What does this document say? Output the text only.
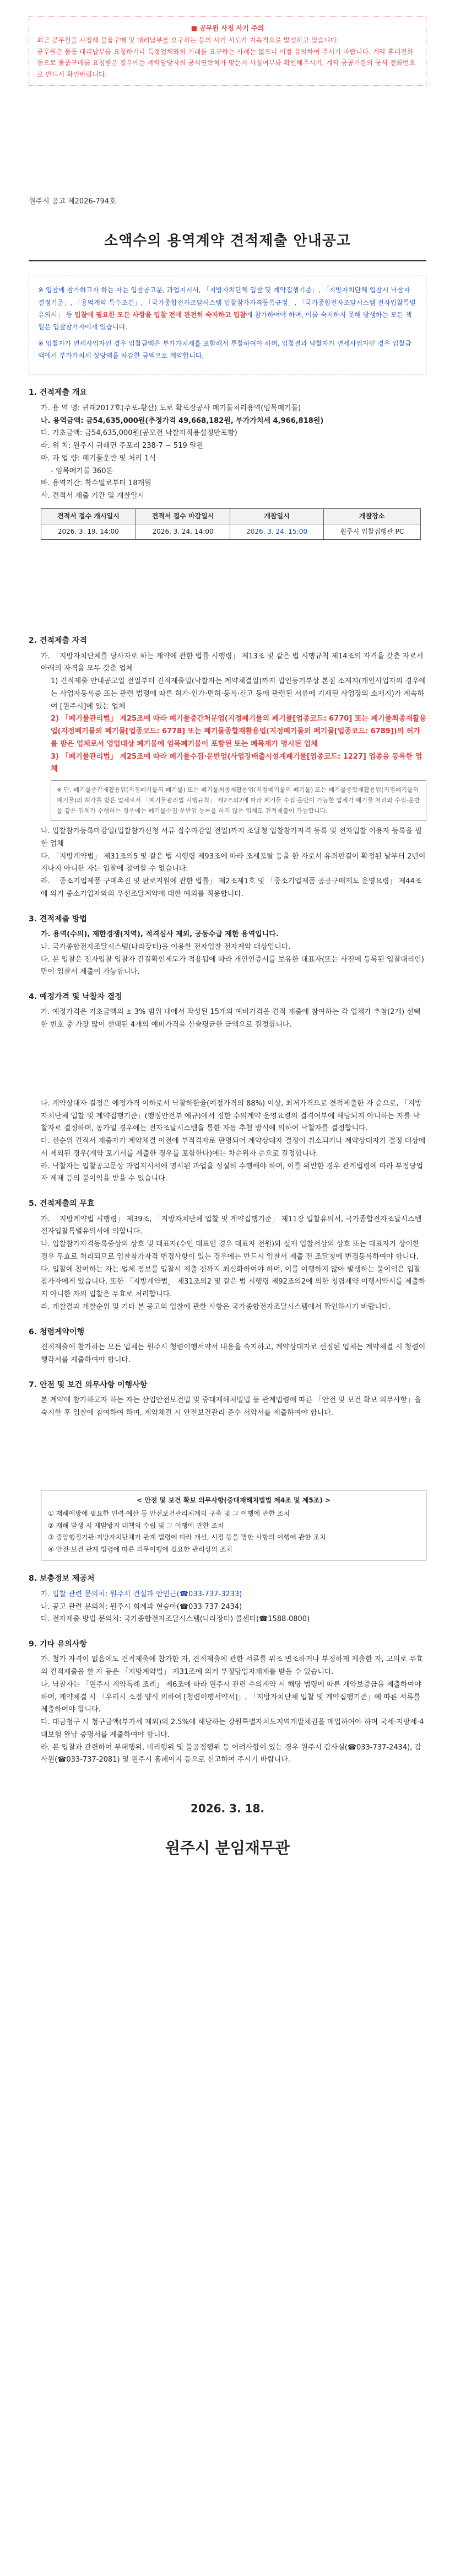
■ 공무원 사칭 사기 주의
최근 공무원을 사칭해 물품구매 및 대리납부를 요구하는 등의 사기 시도가 지속적으로 발생하고 있습니다.
공무원은 물품 대리납부를 요청하거나 특정업체와의 거래를 요구하는 사례는 없으니 이점 유의하여 주시기 바랍니다. 계약 휴대전화 등으로 물품구매를 요청받은 경우에는 계약담당자의 공식연락처가 맞는지 사실여부를 확인해주시기, 계약 공공기관의 공식 전화번호로 반드시 확인바랍니다.
원주시 공고 제2026-794호
소액수의 용역계약 견적제출 안내공고

※ 입찰에 참가하고자 하는 자는 입찰공고문, 과업지시서, 「지방자치단체 입찰 및 계약집행기준」, 「지방자치단체 입찰시 낙찰자 결정기준」, 「용역계약 특수조건」, 「국가종합전자조달시스템 입찰참가자격등록규정」, 「국가종합전자조달시스템 전자입찰특별유의서」 등 입찰에 필요한 모든 사항을 입찰 전에 완전히 숙지하고 입찰에 참가하여야 하며, 이를 숙지하지 못해 발생하는 모든 책임은 입찰참가자에게 있습니다.

※ 입찰자가 면세사업자인 경우 입찰금액은 부가가치세를 포함해서 투찰하여야 하며, 입찰결과 낙찰자가 면세사업자인 경우 입찰금액에서 부가가치세 상당액을 차감한 금액으로 계약합니다.

1. 견적제출 개요
가. 용 역 명: 귀래2017호(주포-황산) 도로 확포장공사 폐기물처리용역(임목폐기물)
나. 용역금액: 금54,635,000원(추정가격 49,668,182원, 부가가치세 4,966,818원)
다. 기초금액: 금54,635,000원(공모전 낙찰자적용설정만포함)
라. 위 치: 원주시 귀래면 주포리 238-7 ~ 519 일원
마. 과 업 량: 폐기물운반 및 처리 1식
- 임목폐기물 360톤
바. 용역기간: 착수일로부터 18개월
사. 견적서 제출 기간 및 개찰일시
견적서 접수 개시일시	견적서 접수 마감일시	개찰일시	개찰장소
2026. 3. 19. 14:00	2026. 3. 24. 14:00	2026. 3. 24. 15:00	원주시 입찰집행관 PC
2. 견적제출 자격
가. 「지방자치단체를 당사자로 하는 계약에 관한 법률 시행령」 제13조 및 같은 법 시행규칙 제14조의 자격을 갖춘 자로서 아래의 자격을 모두 갖춘 업체
1) 견적제출 안내공고일 전일부터 견적제출일(낙찰자는 계약체결일)까지 법인등기부상 본점 소재지(개인사업자의 경우에는 사업자등록증 또는 관련 법령에 따른 허가·인가·면허·등록·신고 등에 관련된 서류에 기재된 사업장의 소재지)가 계속하여 [원주시]에 있는 업체
2) 「폐기물관리법」 제25조에 따라 폐기물중간처분업(지정폐기물외 폐기물[업종코드: 6770] 또는 폐기물최종재활용업(지정폐기물외 폐기물[업종코드: 6778] 또는 폐기물종합재활용업(지정폐기물외 폐기물[업종코드: 6789])의 허가를 받은 업체로서 영업대상 폐기물에 임목폐기물이 포함된 또는 폐목재가 명시된 업체
3) 「폐기물관리법」 제25조에 따라 폐기물수집·운반업(사업장배출시설계폐기물[업종코드: 1227] 업종을 등록한 업체
※ 단, 폐기물중간재활용업(지정폐기물외 폐기물) 또는 폐기물최종재활용업(지정폐기물외 폐기물) 또는 폐기물종합재활용업(지정폐기물외 폐기물)의 허가를 받은 업체로서 「폐기물관리법 시행규칙」 제2조의2에 따라 폐기물 수집·운반이 가능한 업체가 폐기물 처리와 수집·운반을 같은 업체가 수행하는 경우에는 폐기물수집·운반업 등록을 하지 않은 업체도 견적제출이 가능합니다.
나. 입찰참가등록마감일(입찰참가신청 서류 접수마감일 전일)까지 조달청 입찰참가자격 등록 및 전자입찰 이용자 등록을 필한 업체
다. 「지방계약법」 제31조의5 및 같은 법 시행령 제93조에 따라 조세포탈 등을 한 자로서 유죄판결이 확정된 날부터 2년이 지나지 아니한 자는 입찰에 참여할 수 없습니다.
라. 「중소기업제품 구매촉진 및 판로지원에 관한 법률」 제2조제1호 및 「중소기업제품 공공구매제도 운영요령」 제44조에 의거 중소기업자와의 우선조달계약에 대한 예외를 적용합니다.
3. 견적제출 방법
가. 용역(수의), 제한경쟁(지역), 적격심사 제외, 공동수급 제한 용역입니다.
나. 국가종합전자조달시스템(나라장터)을 이용한 전자입찰 전자계약 대상입니다.
다. 본 입찰은 전자입찰 입찰자 간결확인제도가 적용됨에 따라 개인인증서를 보유한 대표자(또는 사전에 등록된 입찰대리인)만이 입찰서 제출이 가능합니다.
4. 예정가격 및 낙찰자 결정
가. 예정가격은 기초금액의 ± 3% 범위 내에서 작성된 15개의 예비가격을 견적 제출에 참여하는 각 업체가 추첨(2개) 선택한 번호 중 가장 많이 선택된 4개의 예비가격을 산술평균한 금액으로 결정합니다.
나. 계약상대자 결정은 예정가격 이하로서 낙찰하한율(예정가격의 88%) 이상, 최저가격으로 견적제출한 자 순으로, 「지방자치단체 입찰 및 계약집행기준」(행정안전부 예규)에서 정한 수의계약 운영요령의 결격여부에 해당되지 아니하는 자를 낙찰자로 결정하며, 동가일 경우에는 전자조달시스템을 통한 자동 추첨 방식에 의하여 낙찰자를 결정합니다.
다. 선순위 견적서 제출자가 계약체결 이전에 부적격자로 판명되어 계약상대자 결정이 취소되거나 계약상대자가 결정 대상에서 제외된 경우(계약 포기서를 제출한 경우를 포함한다)에는 차순위자 순으로 결정합니다.
라. 낙찰자는 입찰공고문상 과업지시서에 명시된 과업을 성실히 수행해야 하며, 이를 위반한 경우 관계법령에 따라 부정당업자 제재 등의 불이익을 받을 수 있습니다.
5. 견적제출의 무효
가. 「지방계약법 시행령」 제39조, 「지방자치단체 입찰 및 계약집행기준」 제11장 입찰유의서, 국가종합전자조달시스템 전자입찰특별유의서에 의합니다.
나. 입찰참가자격등록증상의 상호 및 대표자(수인 대표인 경우 대표자 전원)와 실제 입찰서상의 상호 또는 대표자가 상이한 경우 무효로 처리되므로 입찰참가자격 변경사항이 있는 경우에는 반드시 입찰서 제출 전 조달청에 변경등록하여야 합니다.
다. 입찰에 참여하는 자는 업체 정보를 입찰서 제출 전까지 최신화하여야 하며, 이를 이행하지 않아 발생하는 불이익은 입찰참가자에게 있습니다. 또한 「지방계약법」 제31조의2 및 같은 법 시행령 제92조의2에 의한 청렴계약 이행서약서를 제출하지 아니한 자의 입찰은 무효로 처리합니다.
라. 개찰결과 개찰순위 및 기타 본 공고의 입찰에 관한 사항은 국가종합전자조달시스템에서 확인하시기 바랍니다.
6. 청렴계약이행
견적제출에 참가하는 모든 업체는 원주시 청렴이행서약서 내용을 숙지하고, 계약상대자로 선정된 업체는 계약체결 시 청렴이행각서를 제출하여야 합니다.
7. 안전 및 보건 의무사항 이행사항
본 계약에 참가하고자 하는 자는 산업안전보건법 및 중대재해처벌법 등 관계법령에 따른 「안전 및 보건 확보 의무사항」을 숙지한 후 입찰에 참여하여 하며, 계약체결 시 안전보건관리 준수 서약서를 제출하여야 합니다.
< 안전 및 보건 확보 의무사항(중대재해처벌법 제4조 및 제5조) >
① 재해예방에 필요한 인력·예산 등 안전보건관리체계의 구축 및 그 이행에 관한 조치
② 재해 발생 시 재발방지 대책의 수립 및 그 이행에 관한 조치
③ 중앙행정기관·지방자치단체가 관계 법령에 따라 개선, 시정 등을 명한 사항의 이행에 관한 조치
④ 안전·보건 관계 법령에 따른 의무이행에 필요한 관리상의 조치
8. 보충정보 제공처
가. 입찰 관련 문의처: 원주시 건설과 안민근(☎033-737-3233)
나. 공고 관련 문의처: 원주시 회계과 현승아(☎033-737-2434)
다. 전자제출 방법 문의처: 국가종합전자조달시스템(나라장터) 콜센터(☎1588-0800)
9. 기타 유의사항
가. 첨가 자격이 없음에도 견적제출에 참가한 자, 견적제출에 관한 서류를 위조 변조하거나 부정하게 제출한 자, 고의로 무효의 견적제출을 한 자 등은 「지방계약법」 제31조에 의거 부정당업자제재를 받을 수 있습니다.
나. 낙찰자는 「원주시 계약특례 조례」 제6조에 따라 원주시 관련 수의계약 시 해당 법령에 따른 계약보증금을 제출하여야 하며, 계약체결 시 「우리시 소정 양식 의하여 [청렴이행서약서]」, 「지방자치단체 입찰 및 계약집행기준」에 따른 서류를 제출하여야 합니다.
다. 대금청구 시 청구금액(부가세 제외)의 2.5%에 해당하는 강원특별자치도지역개발채권을 매입하여야 하며 국세·지방세·4대보험 완납 증명서를 제출하여야 합니다.
라. 본 입찰과 관련하여 부패행위, 비리행위 및 불공정행위 등 어려사항이 있는 경우 원주시 감사실(☎033-737-2434), 감사원(☎033-737-2081) 및 원주시 홈페이지 등으로 신고하여 주시기 바랍니다.
2026. 3. 18.
원주시 분임재무관
